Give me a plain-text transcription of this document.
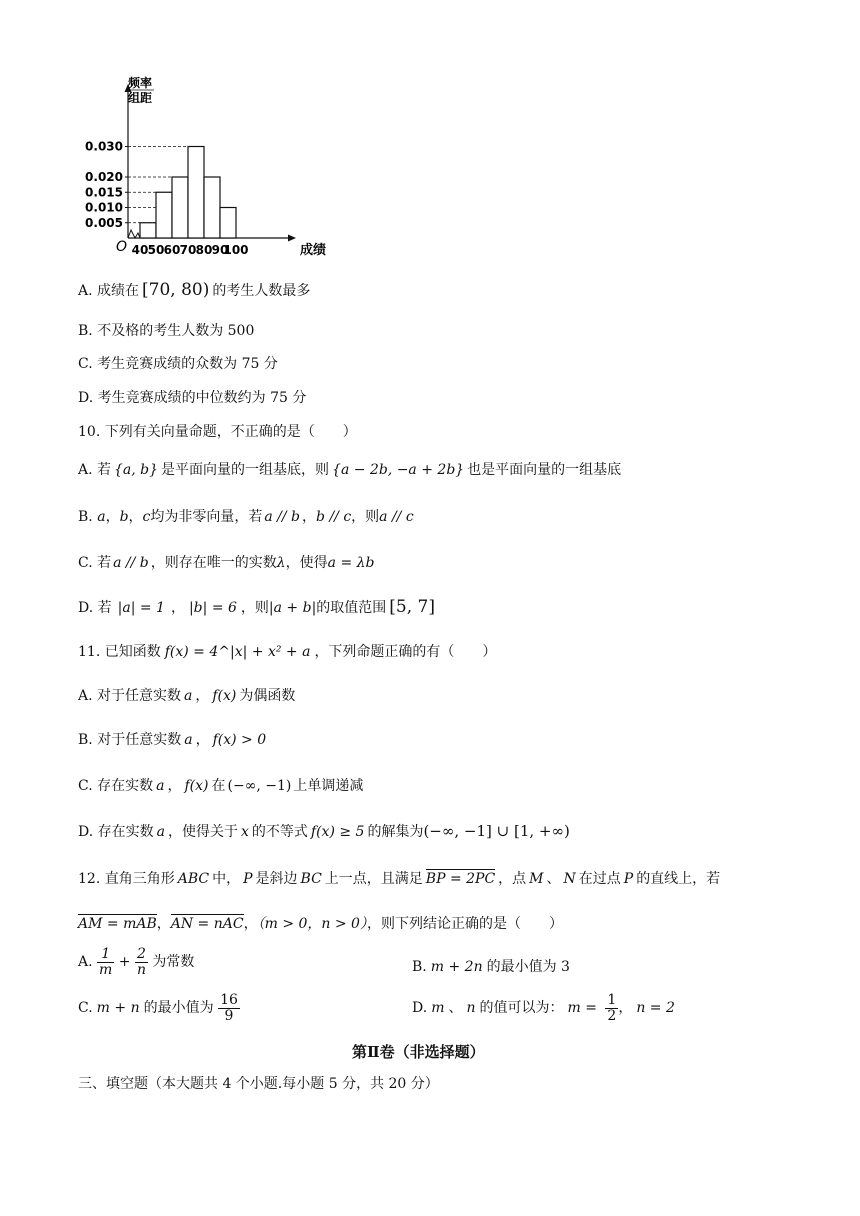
频率
组距
成绩
O
0.005
0.010
0.015
0.020
0.030
40 50 60 70 80 90
100
A. 成绩在 [70, 80) 的考生人数最多
B. 不及格的考生人数为 500
C. 考生竞赛成绩的众数为 75 分
D. 考生竞赛成绩的中位数约为 75 分
10. 下列有关向量命题，不正确的是（　　）
A. 若 {a, b} 是平面向量的一组基底，则 {a − 2b, −a + 2b} 也是平面向量的一组基底
B. a，b，c均为非零向量，若 a // b ，b // c，则a // c
C. 若 a // b ，则存在唯一的实数λ，使得a = λb
D. 若 |a| = 1 ， |b| = 6 ，则|a + b|的取值范围 [5, 7]
11. 已知函数 f(x) = 4^|x| + x² + a ，下列命题正确的有（　　）
A. 对于任意实数 a ， f(x) 为偶函数
B. 对于任意实数 a ， f(x) > 0
C. 存在实数 a ， f(x) 在 (−∞, −1) 上单调递减
D. 存在实数 a ，使得关于 x 的不等式 f(x) ≥ 5 的解集为(−∞, −1] ∪ [1, +∞)
12. 直角三角形 ABC 中， P 是斜边 BC 上一点，且满足 BP = 2PC ，点 M 、 N 在过点 P 的直线上，若
AM = mAB，AN = nAC，（m > 0，n > 0），则下列结论正确的是（　　）
A. $\frac{1}{m} + \frac{2}{n}$ 为常数	B. m + 2n 的最小值为 3
C. m + n 的最小值为 $\frac{16}{9}$	D. m 、 n 的值可以为： $m = \frac{1}{2}$ ， n = 2
第Ⅱ卷（非选择题）
三、填空题（本大题共 4 个小题.每小题 5 分，共 20 分）
